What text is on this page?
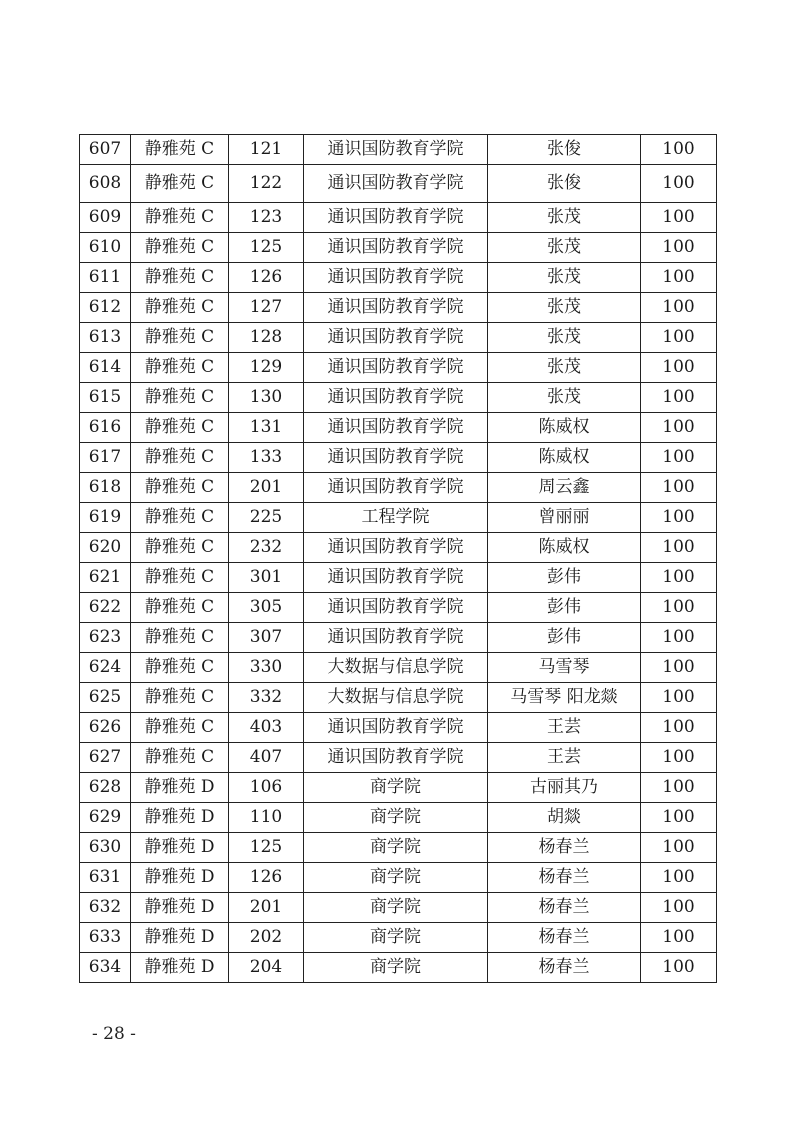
607	静雅苑 C	121	通识国防教育学院	张俊	100
608	静雅苑 C	122	通识国防教育学院	张俊	100
609	静雅苑 C	123	通识国防教育学院	张茂	100
610	静雅苑 C	125	通识国防教育学院	张茂	100
611	静雅苑 C	126	通识国防教育学院	张茂	100
612	静雅苑 C	127	通识国防教育学院	张茂	100
613	静雅苑 C	128	通识国防教育学院	张茂	100
614	静雅苑 C	129	通识国防教育学院	张茂	100
615	静雅苑 C	130	通识国防教育学院	张茂	100
616	静雅苑 C	131	通识国防教育学院	陈威权	100
617	静雅苑 C	133	通识国防教育学院	陈威权	100
618	静雅苑 C	201	通识国防教育学院	周云鑫	100
619	静雅苑 C	225	工程学院	曾丽丽	100
620	静雅苑 C	232	通识国防教育学院	陈威权	100
621	静雅苑 C	301	通识国防教育学院	彭伟	100
622	静雅苑 C	305	通识国防教育学院	彭伟	100
623	静雅苑 C	307	通识国防教育学院	彭伟	100
624	静雅苑 C	330	大数据与信息学院	马雪琴	100
625	静雅苑 C	332	大数据与信息学院	马雪琴 阳龙燚	100
626	静雅苑 C	403	通识国防教育学院	王芸	100
627	静雅苑 C	407	通识国防教育学院	王芸	100
628	静雅苑 D	106	商学院	古丽其乃	100
629	静雅苑 D	110	商学院	胡燚	100
630	静雅苑 D	125	商学院	杨春兰	100
631	静雅苑 D	126	商学院	杨春兰	100
632	静雅苑 D	201	商学院	杨春兰	100
633	静雅苑 D	202	商学院	杨春兰	100
634	静雅苑 D	204	商学院	杨春兰	100
- 28 -
